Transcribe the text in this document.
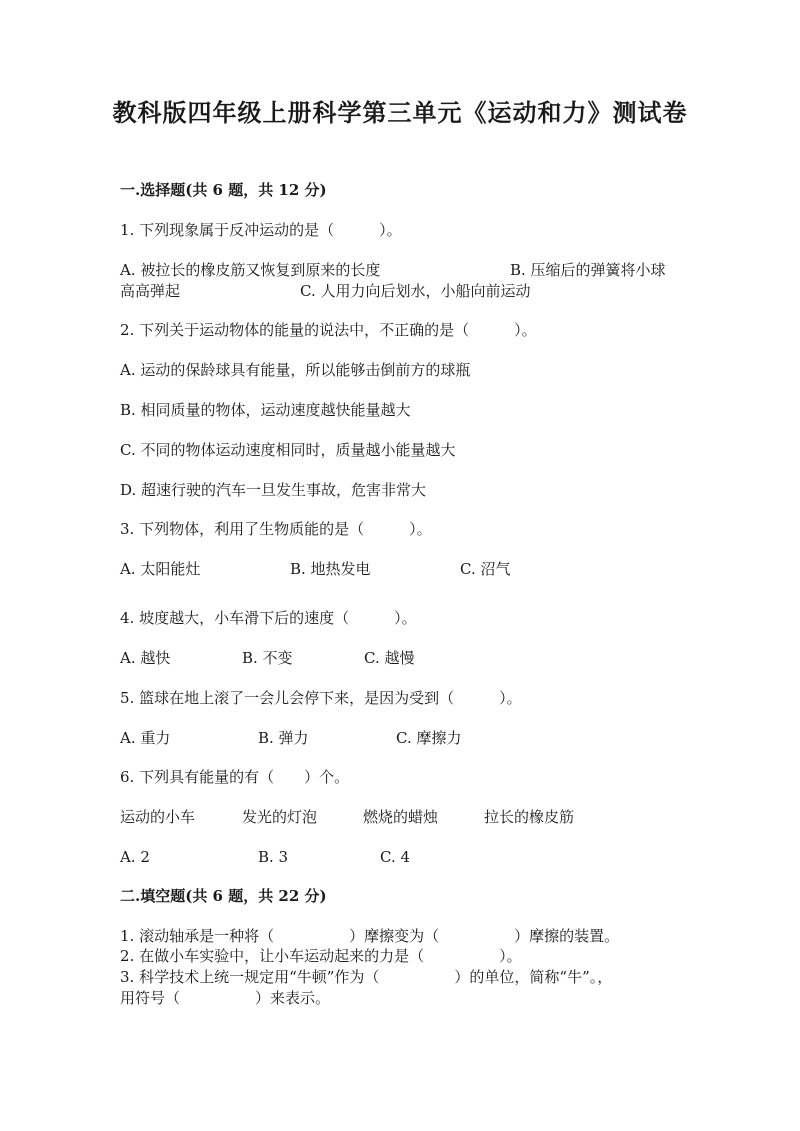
教科版四年级上册科学第三单元《运动和力》测试卷
一.选择题(共 6 题，共 12 分)
1. 下列现象属于反冲运动的是（　　　）。
A. 被拉长的橡皮筋又恢复到原来的长度	B. 压缩后的弹簧将小球
高高弹起	C. 人用力向后划水，小船向前运动
2. 下列关于运动物体的能量的说法中，不正确的是（　　　）。
A. 运动的保龄球具有能量，所以能够击倒前方的球瓶
B. 相同质量的物体，运动速度越快能量越大
C. 不同的物体运动速度相同时，质量越小能量越大
D. 超速行驶的汽车一旦发生事故，危害非常大
3. 下列物体，利用了生物质能的是（　　　）。
A. 太阳能灶	B. 地热发电	C. 沼气
4. 坡度越大，小车滑下后的速度（　　　）。
A. 越快	B. 不变	C. 越慢
5. 篮球在地上滚了一会儿会停下来，是因为受到（　　　）。
A. 重力	B. 弹力	C. 摩擦力
6. 下列具有能量的有（　　）个。
运动的小车	发光的灯泡	燃烧的蜡烛	拉长的橡皮筋
A. 2	B. 3	C. 4
二.填空题(共 6 题，共 22 分)
1. 滚动轴承是一种将（　　　　　）摩擦变为（　　　　　）摩擦的装置。
2. 在做小车实验中，让小车运动起来的力是（　　　　　）。
3. 科学技术上统一规定用“牛顿”作为（　　　　　）的单位，简称“牛”。，
用符号（　　　　　）来表示。
